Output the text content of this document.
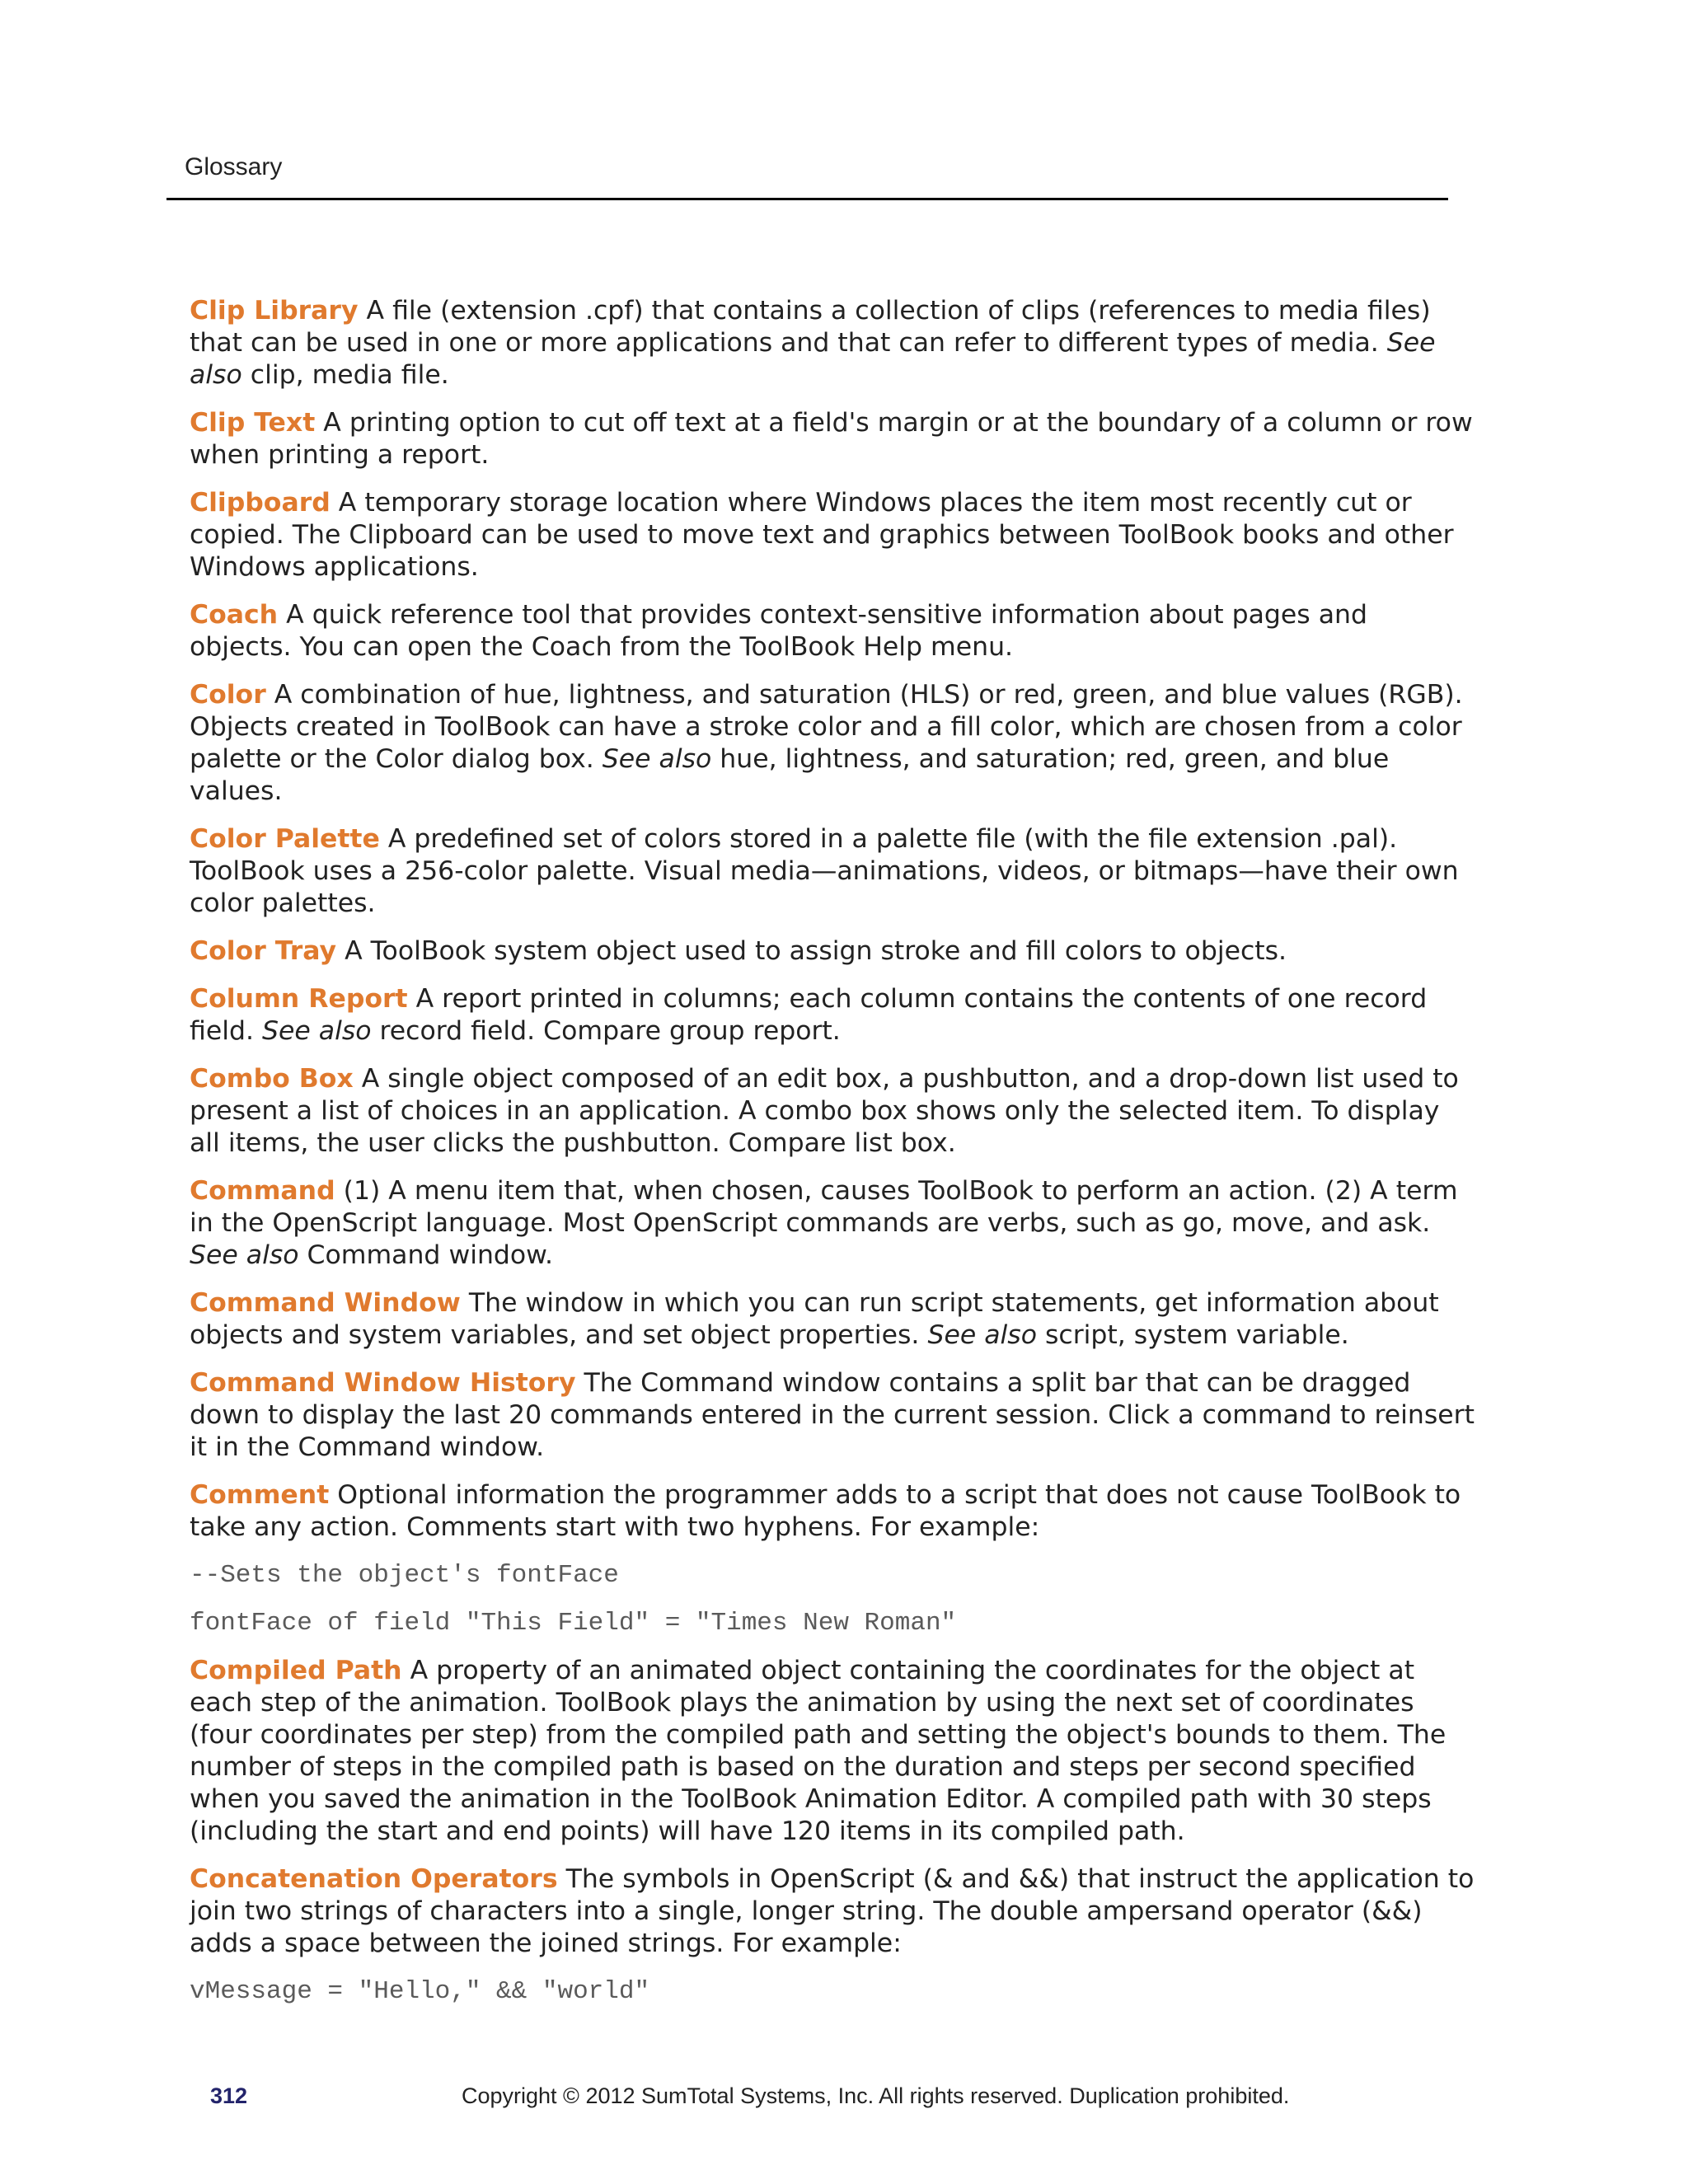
Glossary

Clip Library A file (extension .cpf) that contains a collection of clips (references to media files) that can be used in one or more applications and that can refer to different types of media. See also clip, media file.

Clip Text A printing option to cut off text at a field's margin or at the boundary of a column or row when printing a report.

Clipboard A temporary storage location where Windows places the item most recently cut or copied. The Clipboard can be used to move text and graphics between ToolBook books and other Windows applications.

Coach A quick reference tool that provides context-sensitive information about pages and objects. You can open the Coach from the ToolBook Help menu.

Color A combination of hue, lightness, and saturation (HLS) or red, green, and blue values (RGB). Objects created in ToolBook can have a stroke color and a fill color, which are chosen from a color palette or the Color dialog box. See also hue, lightness, and saturation; red, green, and blue values.

Color Palette A predefined set of colors stored in a palette file (with the file extension .pal). ToolBook uses a 256-color palette. Visual media—animations, videos, or bitmaps—have their own color palettes.

Color Tray A ToolBook system object used to assign stroke and fill colors to objects.

Column Report A report printed in columns; each column contains the contents of one record field. See also record field. Compare group report.

Combo Box A single object composed of an edit box, a pushbutton, and a drop-down list used to present a list of choices in an application. A combo box shows only the selected item. To display all items, the user clicks the pushbutton. Compare list box.

Command (1) A menu item that, when chosen, causes ToolBook to perform an action. (2) A term in the OpenScript language. Most OpenScript commands are verbs, such as go, move, and ask. See also Command window.

Command Window The window in which you can run script statements, get information about objects and system variables, and set object properties. See also script, system variable.

Command Window History The Command window contains a split bar that can be dragged down to display the last 20 commands entered in the current session. Click a command to reinsert it in the Command window.

Comment Optional information the programmer adds to a script that does not cause ToolBook to take any action. Comments start with two hyphens. For example:

--Sets the object's fontFace
fontFace of field "This Field" = "Times New Roman"

Compiled Path A property of an animated object containing the coordinates for the object at each step of the animation. ToolBook plays the animation by using the next set of coordinates (four coordinates per step) from the compiled path and setting the object's bounds to them. The number of steps in the compiled path is based on the duration and steps per second specified when you saved the animation in the ToolBook Animation Editor. A compiled path with 30 steps (including the start and end points) will have 120 items in its compiled path.

Concatenation Operators The symbols in OpenScript (& and &&) that instruct the application to join two strings of characters into a single, longer string. The double ampersand operator (&&) adds a space between the joined strings. For example:

vMessage = "Hello," && "world"
312	Copyright © 2012 SumTotal Systems, Inc. All rights reserved. Duplication prohibited.
